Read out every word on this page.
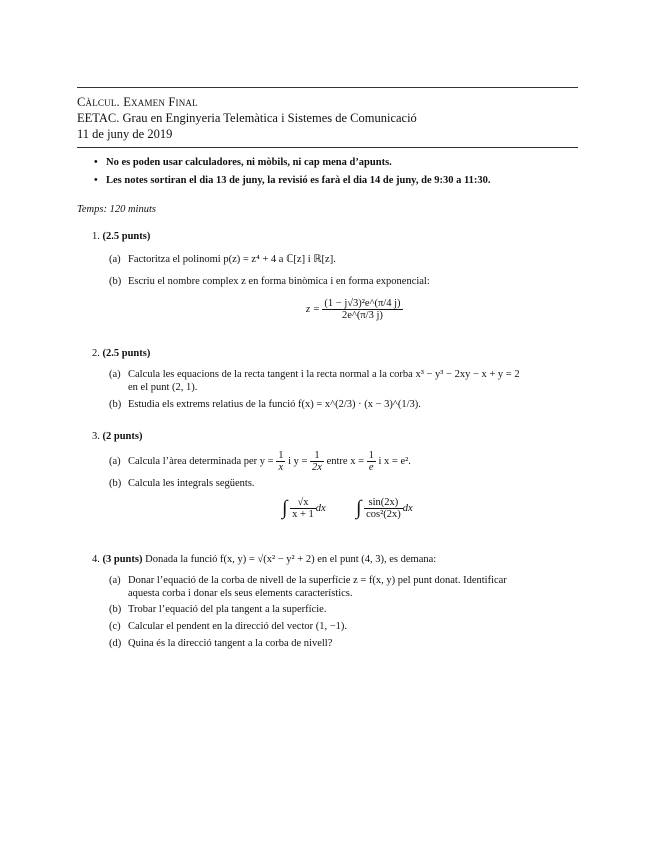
Càlcul. Examen Final
EETAC. Grau en Enginyeria Telemàtica i Sistemes de Comunicació
11 de juny de 2019
• No es poden usar calculadores, ni mòbils, ni cap mena d’apunts.
• Les notes sortiran el dia 13 de juny, la revisió es farà el dia 14 de juny, de 9:30 a 11:30.
Temps: 120 minuts
1. (2.5 punts)
(a) Factoritza el polinomi p(z) = z⁴ + 4 a ℂ[z] i ℝ[z].
(b) Escriu el nombre complex z en forma binòmica i en forma exponencial:
$z = \frac{\text{(1 − j√3)²e\textasciicircum{}(π/4 j)}}{2e\^{}(\pi/3 j)}$
2. (2.5 punts)
(a) Calcula les equacions de la recta tangent i la recta normal a la corba x³ − y³ − 2xy − x + y = 2
en el punt (2, 1).
(b) Estudia els extrems relatius de la funció f(x) = x^(2/3) · (x − 3)^(1/3).
3. (2 punts)
(a) Calcula l’àrea determinada per $y = \frac{1}{x}$ i $y = \frac{1}{2x}$ entre $x = \frac{1}{e}$ i x = e².
(b) Calcula les integrals següents.
∫ $\frac{√x}{x + 1}$ dx ∫ $\frac{\sin(2x)}{\text{cos²(2x)}}$ dx
4. (3 punts) Donada la funció f(x, y) = √(x² − y² + 2) en el punt (4, 3), es demana:
(a) Donar l’equació de la corba de nivell de la superfície z = f(x, y) pel punt donat. Identificar
aquesta corba i donar els seus elements característics.
(b) Trobar l’equació del pla tangent a la superfície.
(c) Calcular el pendent en la direcció del vector (1, −1).
(d) Quina és la direcció tangent a la corba de nivell?
